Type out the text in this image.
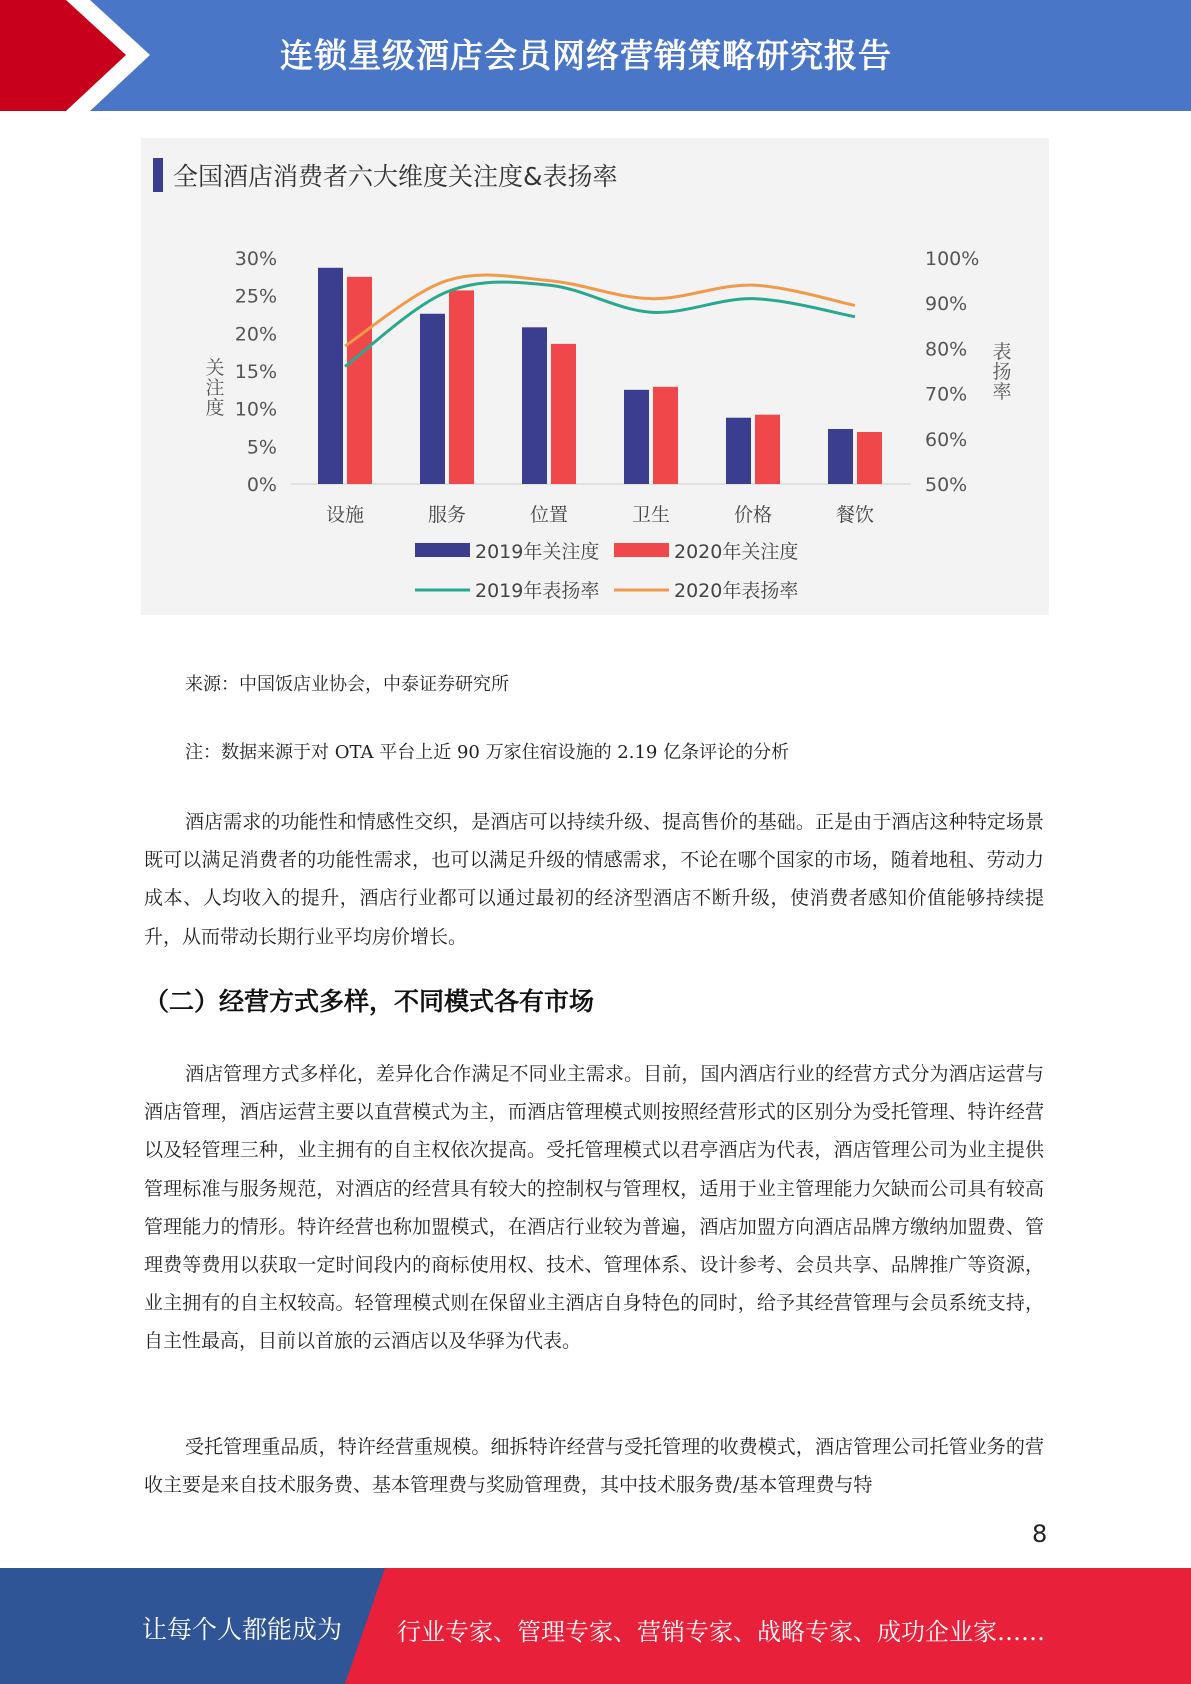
连锁星级酒店会员网络营销策略研究报告
全国酒店消费者六大维度关注度&表扬率
0%
5%
10%
15%
20%
25%
30%
50%
60%
70%
80%
90%
100%
关
注
度
表
扬
率
设施	服务	位置	卫生	价格	餐饮
2019年关注度	2020年关注度
2019年表扬率	2020年表扬率
来源：中国饭店业协会，中泰证券研究所
注：数据来源于对 OTA 平台上近 90 万家住宿设施的 2.19 亿条评论的分析

酒店需求的功能性和情感性交织，是酒店可以持续升级、提高售价的基础。正是由于酒店这种特定场景既可以满足消费者的功能性需求，也可以满足升级的情感需求，不论在哪个国家的市场，随着地租、劳动力成本、人均收入的提升，酒店行业都可以通过最初的经济型酒店不断升级，使消费者感知价值能够持续提升，从而带动长期行业平均房价增长。

（二）经营方式多样，不同模式各有市场

酒店管理方式多样化，差异化合作满足不同业主需求。目前，国内酒店行业的经营方式分为酒店运营与酒店管理，酒店运营主要以直营模式为主，而酒店管理模式则按照经营形式的区别分为受托管理、特许经营以及轻管理三种，业主拥有的自主权依次提高。受托管理模式以君亭酒店为代表，酒店管理公司为业主提供管理标准与服务规范，对酒店的经营具有较大的控制权与管理权，适用于业主管理能力欠缺而公司具有较高管理能力的情形。特许经营也称加盟模式，在酒店行业较为普遍，酒店加盟方向酒店品牌方缴纳加盟费、管理费等费用以获取一定时间段内的商标使用权、技术、管理体系、设计参考、会员共享、品牌推广等资源，业主拥有的自主权较高。轻管理模式则在保留业主酒店自身特色的同时，给予其经营管理与会员系统支持，自主性最高，目前以首旅的云酒店以及华驿为代表。

受托管理重品质，特许经营重规模。细拆特许经营与受托管理的收费模式，酒店管理公司托管业务的营收主要是来自技术服务费、基本管理费与奖励管理费，其中技术服务费/基本管理费与特

8
让每个人都能成为 行业专家、管理专家、营销专家、战略专家、成功企业家……
